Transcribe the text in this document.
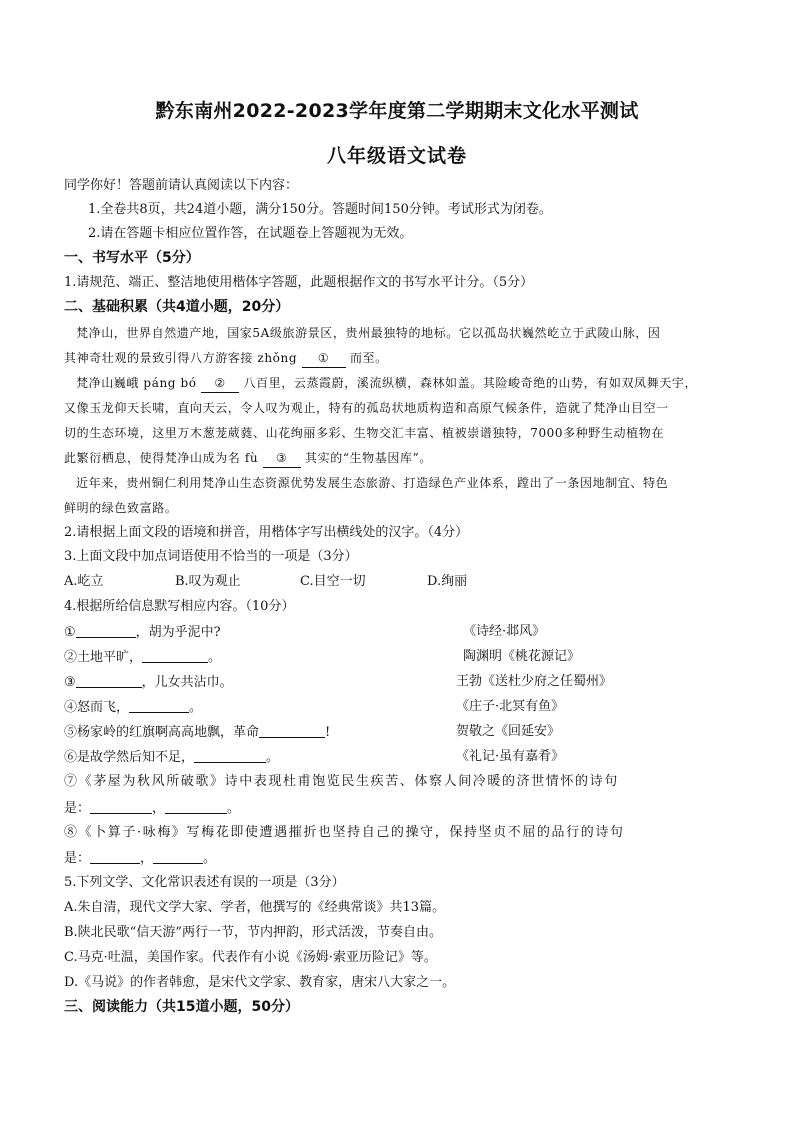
黔东南州2022-2023学年度第二学期期末文化水平测试
八年级语文试卷
同学你好！答题前请认真阅读以下内容：
1.全卷共8页，共24道小题，满分150分。答题时间150分钟。考试形式为闭卷。
2.请在答题卡相应位置作答，在试题卷上答题视为无效。
一、书写水平（5分）
1.请规范、端正、整洁地使用楷体字答题，此题根据作文的书写水平计分。（5分）
二、基础积累（共4道小题，20分）
梵净山，世界自然遗产地，国家5A级旅游景区，贵州最独特的地标。它以孤岛状巍然屹立于武陵山脉，因
其神奇壮观的景致引得八方游客接 zhǒng ① 而至。
梵净山巍峨 páng bó ② 八百里，云蒸霞蔚，溪流纵横，森林如盖。其险峻奇绝的山势，有如双凤舞天宇，
又像玉龙仰天长啸，直向天云，令人叹为观止，特有的孤岛状地质构造和高原气候条件，造就了梵净山目空一
切的生态环境，这里万木葱茏葳蕤、山花绚丽多彩、生物交汇丰富、植被崇谱独特，7000多种野生动植物在
此繁衍栖息，使得梵净山成为名 fù ③ 其实的“生物基因库”。
近年来，贵州铜仁利用梵净山生态资源优势发展生态旅游、打造绿色产业体系，蹚出了一条因地制宜、特色
鲜明的绿色致富路。
2.请根据上面文段的语境和拼音，用楷体字写出横线处的汉字。（4分）
3.上面文段中加点词语使用不恰当的一项是（3分）
A.屹立	B.叹为观止	C.目空一切	D.绚丽
4.根据所给信息默写相应内容。（10分）
①	，胡为乎泥中?	《诗经·邶风》
②土地平旷，	。	陶渊明《桃花源记》
③	，儿女共沾巾。	王勃《送杜少府之任蜀州》
④怒而飞，	。	《庄子·北冥有鱼》
⑤杨家岭的红旗啊高高地飘，革命	!	贺敬之《回延安》
⑥是故学然后知不足，	。	《礼记·虽有嘉肴》
⑦《茅屋为秋风所破歌》诗中表现杜甫饱览民生疾苦、体察人间冷暖的济世情怀的诗句
是：	，	。
⑧《卜算子·咏梅》写梅花即使遭遇摧折也坚持自己的操守，保持坚贞不屈的品行的诗句
是：	，	。
5.下列文学、文化常识表述有误的一项是（3分）
A.朱自清，现代文学大家、学者，他撰写的《经典常谈》共13篇。
B.陕北民歌“信天游”两行一节，节内押韵，形式活泼，节奏自由。
C.马克·吐温，美国作家。代表作有小说《汤姆·索亚历险记》等。
D.《马说》的作者韩愈，是宋代文学家、教育家，唐宋八大家之一。
三、阅读能力（共15道小题，50分）
